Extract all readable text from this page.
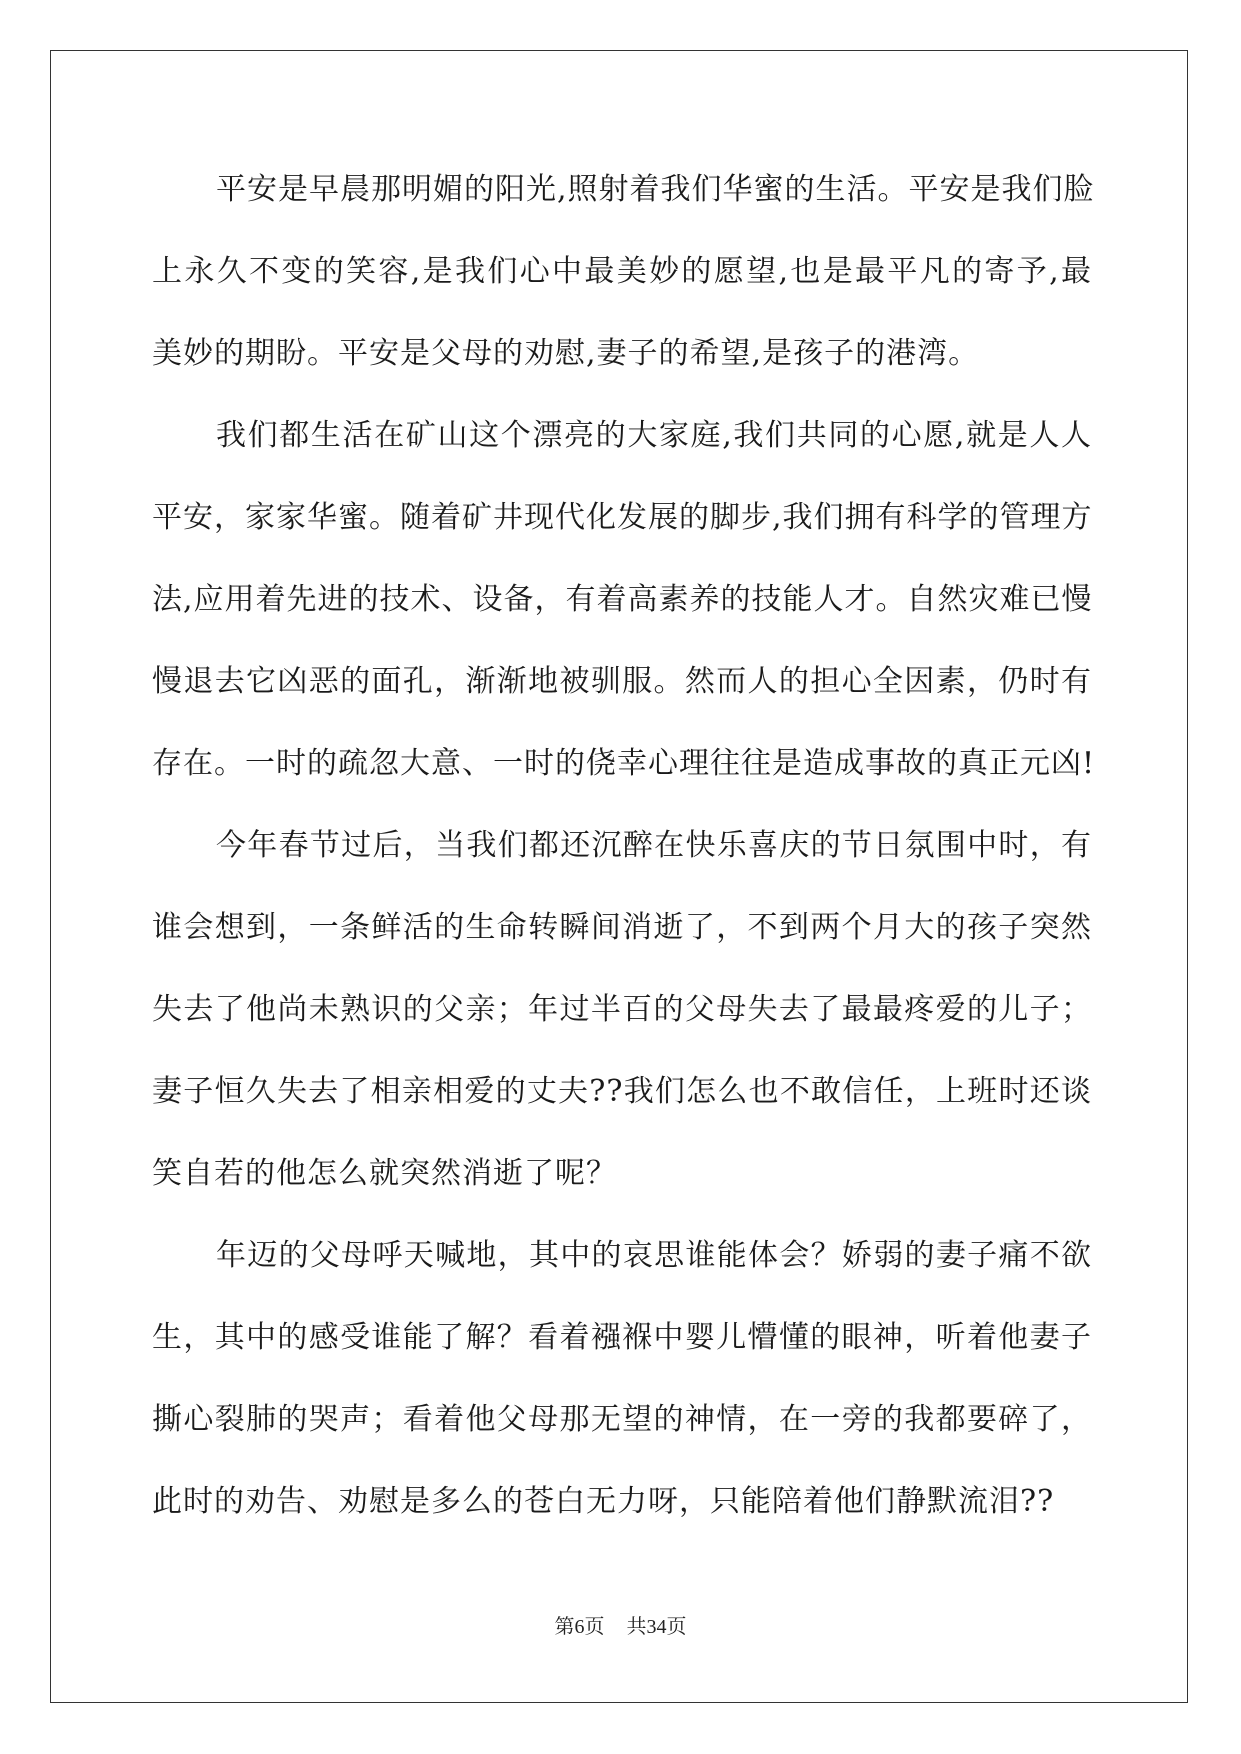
平安是早晨那明媚的阳光,照射着我们华蜜的生活。平安是我们脸
上永久不变的笑容,是我们心中最美妙的愿望,也是最平凡的寄予,最
美妙的期盼。平安是父母的劝慰,妻子的希望,是孩子的港湾。
我们都生活在矿山这个漂亮的大家庭,我们共同的心愿,就是人人
平安，家家华蜜。随着矿井现代化发展的脚步,我们拥有科学的管理方
法,应用着先进的技术、设备，有着高素养的技能人才。自然灾难已慢
慢退去它凶恶的面孔，渐渐地被驯服。然而人的担心全因素，仍时有
存在。一时的疏忽大意、一时的侥幸心理往往是造成事故的真正元凶!
今年春节过后，当我们都还沉醉在快乐喜庆的节日氛围中时，有
谁会想到，一条鲜活的生命转瞬间消逝了，不到两个月大的孩子突然
失去了他尚未熟识的父亲；年过半百的父母失去了最最疼爱的儿子；
妻子恒久失去了相亲相爱的丈夫??我们怎么也不敢信任，上班时还谈
笑自若的他怎么就突然消逝了呢？
年迈的父母呼天喊地，其中的哀思谁能体会？娇弱的妻子痛不欲
生，其中的感受谁能了解？看着襁褓中婴儿懵懂的眼神，听着他妻子
撕心裂肺的哭声；看着他父母那无望的神情，在一旁的我都要碎了，
此时的劝告、劝慰是多么的苍白无力呀，只能陪着他们静默流泪??
第6页 共34页
